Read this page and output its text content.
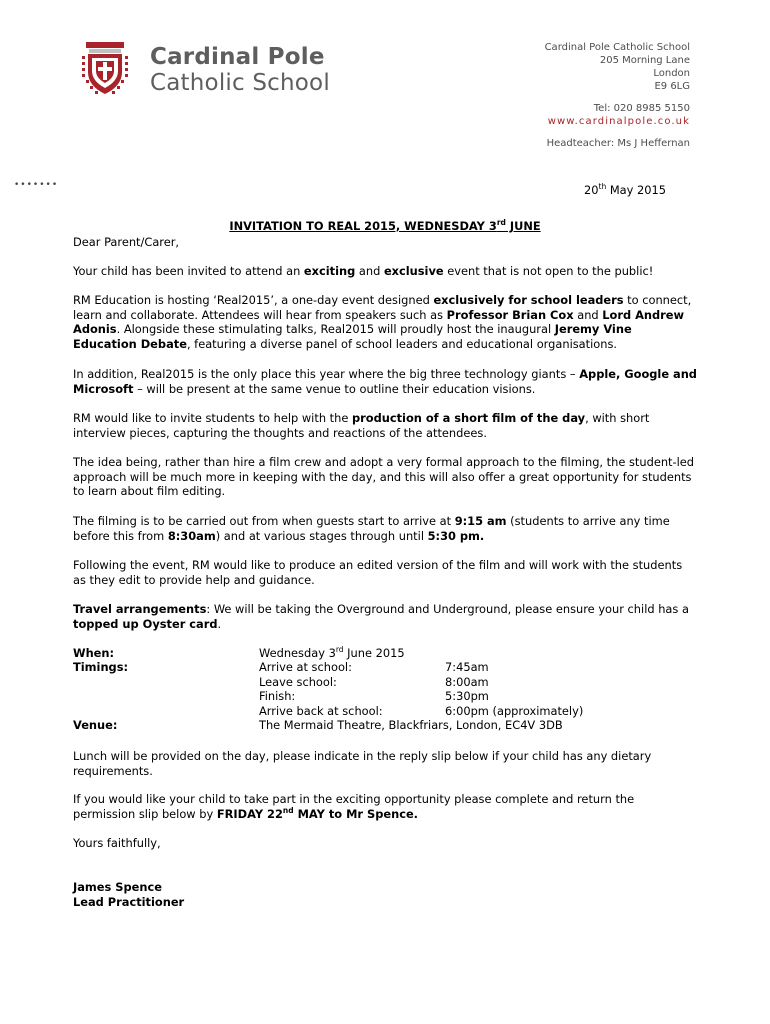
Cardinal Pole
Catholic School
Cardinal Pole Catholic School
205 Morning Lane
London
E9 6LG
Tel: 020 8985 5150
www.cardinalpole.co.uk
Headteacher: Ms J Heffernan
•••••••	20th May 2015
INVITATION TO REAL 2015, WEDNESDAY 3rd JUNE
Dear Parent/Carer,
Your child has been invited to attend an exciting and exclusive event that is not open to the public!
RM Education is hosting ‘Real2015’, a one-day event designed exclusively for school leaders to connect, learn and collaborate. Attendees will hear from speakers such as Professor Brian Cox and Lord Andrew Adonis. Alongside these stimulating talks, Real2015 will proudly host the inaugural Jeremy Vine Education Debate, featuring a diverse panel of school leaders and educational organisations.
In addition, Real2015 is the only place this year where the big three technology giants – Apple, Google and Microsoft – will be present at the same venue to outline their education visions.
RM would like to invite students to help with the production of a short film of the day, with short interview pieces, capturing the thoughts and reactions of the attendees.
The idea being, rather than hire a film crew and adopt a very formal approach to the filming, the student-led approach will be much more in keeping with the day, and this will also offer a great opportunity for students to learn about film editing.
The filming is to be carried out from when guests start to arrive at 9:15 am (students to arrive any time before this from 8:30am) and at various stages through until 5:30 pm.
Following the event, RM would like to produce an edited version of the film and will work with the students as they edit to provide help and guidance.
Travel arrangements: We will be taking the Overground and Underground, please ensure your child has a topped up Oyster card.
When:	Wednesday 3rd June 2015
Timings:	Arrive at school:	7:45am
Leave school:	8:00am
Finish:	5:30pm
Arrive back at school:	6:00pm (approximately)
Venue:	The Mermaid Theatre, Blackfriars, London, EC4V 3DB
Lunch will be provided on the day, please indicate in the reply slip below if your child has any dietary requirements.
If you would like your child to take part in the exciting opportunity please complete and return the permission slip below by FRIDAY 22nd MAY to Mr Spence.
Yours faithfully,
James Spence
Lead Practitioner
